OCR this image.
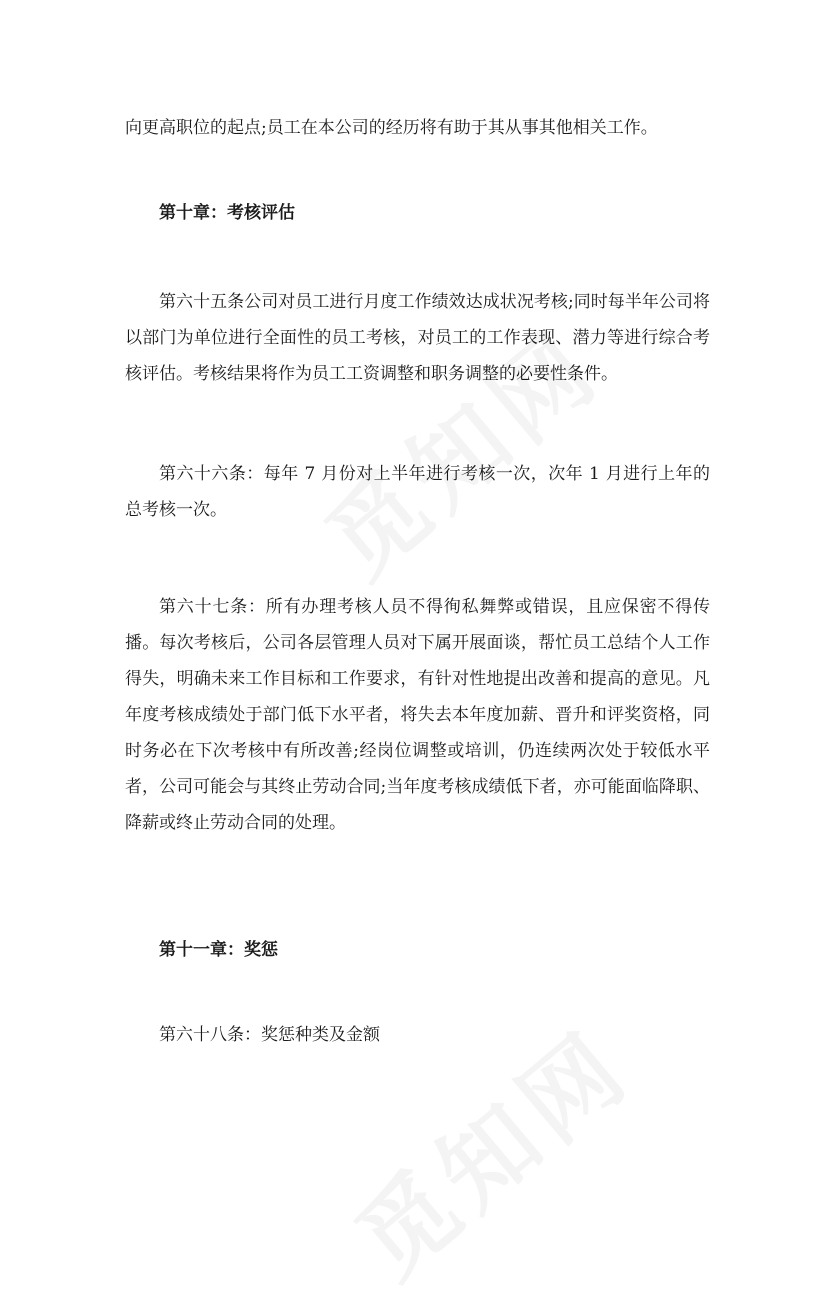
向更高职位的起点;员工在本公司的经历将有助于其从事其他相关工作。

第十章：考核评估

第六十五条公司对员工进行月度工作绩效达成状况考核;同时每半年公司将以部门为单位进行全面性的员工考核，对员工的工作表现、潜力等进行综合考核评估。考核结果将作为员工工资调整和职务调整的必要性条件。

第六十六条：每年 7 月份对上半年进行考核一次，次年 1 月进行上年的总考核一次。

第六十七条：所有办理考核人员不得徇私舞弊或错误，且应保密不得传播。每次考核后，公司各层管理人员对下属开展面谈，帮忙员工总结个人工作得失，明确未来工作目标和工作要求，有针对性地提出改善和提高的意见。凡年度考核成绩处于部门低下水平者，将失去本年度加薪、晋升和评奖资格，同时务必在下次考核中有所改善;经岗位调整或培训，仍连续两次处于较低水平者，公司可能会与其终止劳动合同;当年度考核成绩低下者，亦可能面临降职、降薪或终止劳动合同的处理。

第十一章：奖惩

第六十八条：奖惩种类及金额
